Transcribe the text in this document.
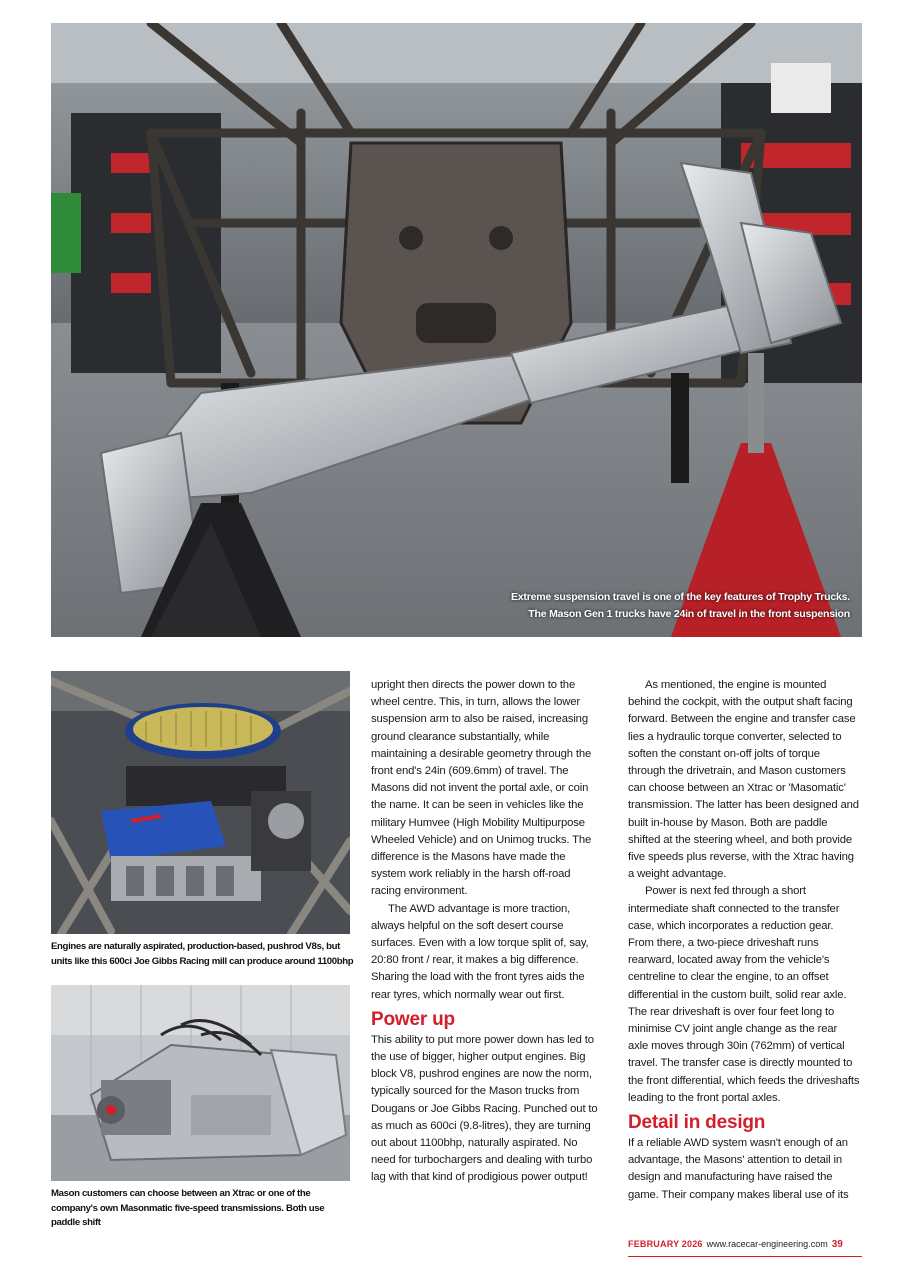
Extreme suspension travel is one of the key features of Trophy Trucks.
The Mason Gen 1 trucks have 24in of travel in the front suspension
Engines are naturally aspirated, production-based, pushrod V8s, but units like this 600ci Joe Gibbs Racing mill can produce around 1100bhp
Mason customers can choose between an Xtrac or one of the company's own Masonmatic five-speed transmissions. Both use paddle shift

upright then directs the power down to the wheel centre. This, in turn, allows the lower suspension arm to also be raised, increasing ground clearance substantially, while maintaining a desirable geometry through the front end's 24in (609.6mm) of travel. The Masons did not invent the portal axle, or coin the name. It can be seen in vehicles like the military Humvee (High Mobility Multipurpose Wheeled Vehicle) and on Unimog trucks. The difference is the Masons have made the system work reliably in the harsh off-road racing environment.

The AWD advantage is more traction, always helpful on the soft desert course surfaces. Even with a low torque split of, say, 20:80 front / rear, it makes a big difference. Sharing the load with the front tyres aids the rear tyres, which normally wear out first.

Power up

This ability to put more power down has led to the use of bigger, higher output engines. Big block V8, pushrod engines are now the norm, typically sourced for the Mason trucks from Dougans or Joe Gibbs Racing. Punched out to as much as 600ci (9.8-litres), they are turning out about 1100bhp, naturally aspirated. No need for turbochargers and dealing with turbo lag with that kind of prodigious power output!

As mentioned, the engine is mounted behind the cockpit, with the output shaft facing forward. Between the engine and transfer case lies a hydraulic torque converter, selected to soften the constant on-off jolts of torque through the drivetrain, and Mason customers can choose between an Xtrac or 'Masomatic' transmission. The latter has been designed and built in-house by Mason. Both are paddle shifted at the steering wheel, and both provide five speeds plus reverse, with the Xtrac having a weight advantage.

Power is next fed through a short intermediate shaft connected to the transfer case, which incorporates a reduction gear. From there, a two-piece driveshaft runs rearward, located away from the vehicle's centreline to clear the engine, to an offset differential in the custom built, solid rear axle. The rear driveshaft is over four feet long to minimise CV joint angle change as the rear axle moves through 30in (762mm) of vertical travel. The transfer case is directly mounted to the front differential, which feeds the driveshafts leading to the front portal axles.

Detail in design

If a reliable AWD system wasn't enough of an advantage, the Masons' attention to detail in design and manufacturing have raised the game. Their company makes liberal use of its

FEBRUARY 2026 www.racecar-engineering.com 39
